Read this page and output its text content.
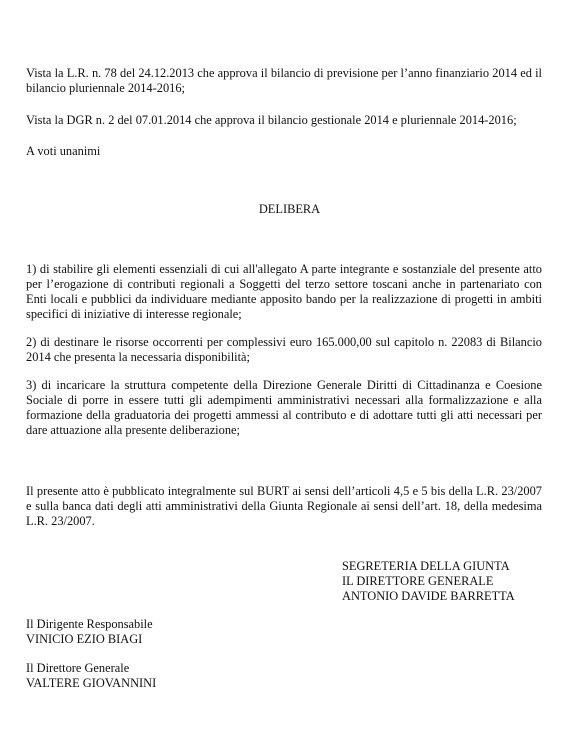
Vista la L.R. n. 78 del 24.12.2013 che approva il bilancio di previsione per l’anno finanziario 2014 ed il bilancio pluriennale 2014-2016;

Vista la DGR n. 2 del 07.01.2014 che approva il bilancio gestionale 2014 e pluriennale 2014-2016;

A voti unanimi

DELIBERA

1) di stabilire gli elementi essenziali di cui all'allegato A parte integrante e sostanziale del presente atto per l’erogazione di contributi regionali a Soggetti del terzo settore toscani anche in partenariato con Enti locali e pubblici da individuare mediante apposito bando per la realizzazione di progetti in ambiti specifici di iniziative di interesse regionale;

2) di destinare le risorse occorrenti per complessivi euro 165.000,00 sul capitolo n. 22083 di Bilancio 2014 che presenta la necessaria disponibilità;

3) di incaricare la struttura competente della Direzione Generale Diritti di Cittadinanza e Coesione Sociale di porre in essere tutti gli adempimenti amministrativi necessari alla formalizzazione e alla formazione della graduatoria dei progetti ammessi al contributo e di adottare tutti gli atti necessari per dare attuazione alla presente deliberazione;

Il presente atto è pubblicato integralmente sul BURT ai sensi dell’articoli 4,5 e 5 bis della L.R. 23/2007 e sulla banca dati degli atti amministrativi della Giunta Regionale ai sensi dell’art. 18, della medesima L.R. 23/2007.

SEGRETERIA DELLA GIUNTA
IL DIRETTORE GENERALE
ANTONIO DAVIDE BARRETTA
Il Dirigente Responsabile
VINICIO EZIO BIAGI
Il Direttore Generale
VALTERE GIOVANNINI
